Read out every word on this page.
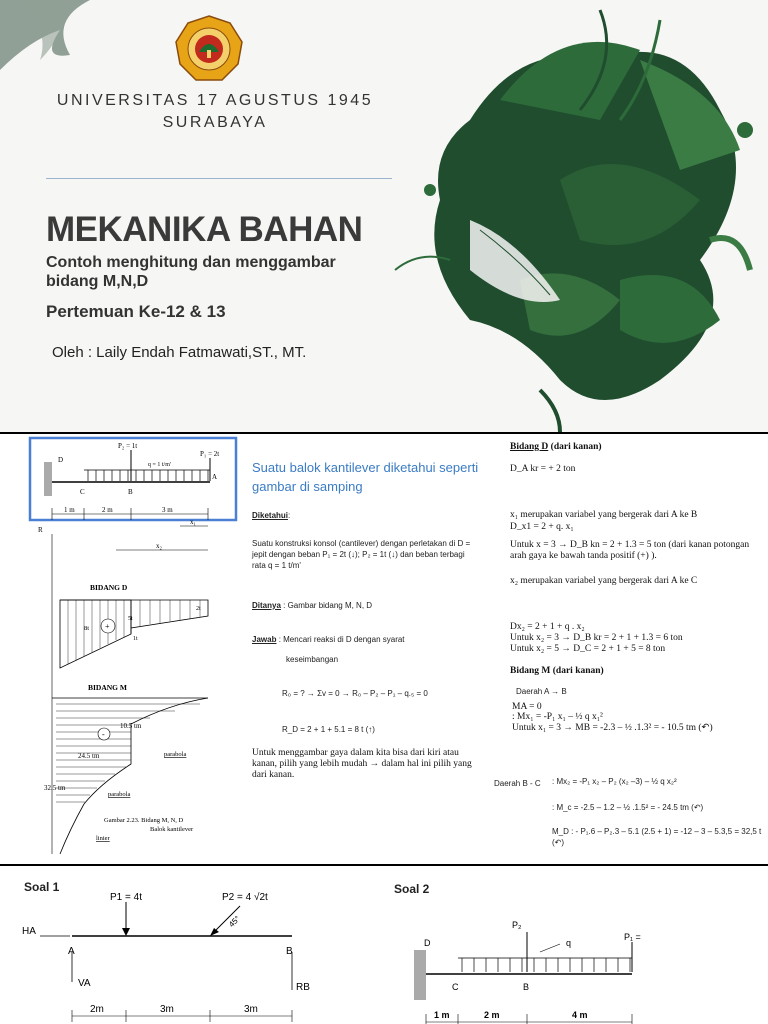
UNIVERSITAS 17 AGUSTUS 1945
SURABAYA
MEKANIKA BAHAN
Contoh menghitung dan menggambar bidang M,N,D
Pertemuan Ke-12 & 13
Oleh : Laily Endah Fatmawati,ST., MT.
P₂ = 1t
q = 1 t/m'
P₁ = 2t
D
C	B
A
1 m	2 m	3 m
x₁
x₂
R
BIDANG D
+
8t
5t
1t
2t
BIDANG M
-
10.5 tm
24.5 tm
32.5 tm
parabola
parabola
linier
Gambar 2.23. Bidang M, N, D
Balok kantilever
Suatu balok kantilever diketahui seperti gambar di samping
Diketahui:
Suatu konstruksi konsol (cantilever) dengan perletakan di D = jepit dengan beban P₁ = 2t (↓); P₂ = 1t (↓) dan beban terbagi rata q = 1 t/m'
Ditanya : Gambar bidang M, N, D
Jawab : Mencari reaksi di D dengan syarat
keseimbangan
R₀ = ? → Σv = 0 → R₀ – P₂ – P₁ – q.₅ = 0
R_D = 2 + 1 + 5.1 = 8 t (↑)
Untuk menggambar gaya dalam kita bisa dari kiri atau kanan, pilih yang lebih mudah → dalam hal ini pilih yang dari kanan.
Bidang D (dari kanan)
D_A kr = + 2 ton
x₁ merupakan variabel yang bergerak dari A ke B
D_x1 = 2 + q. x₁
Untuk x = 3 → D_B kn = 2 + 1.3 = 5 ton (dari kanan potongan arah gaya ke bawah tanda positif (+) ).
x₂ merupakan variabel yang bergerak dari A ke C
Dx₂ = 2 + 1 + q . x₂
Untuk x₂ = 3 → D_B kr = 2 + 1 + 1.3 = 6 ton
Untuk x₂ = 5 → D_C = 2 + 1 + 5 = 8 ton
Bidang M (dari kanan)
Daerah A → B
MA = 0
: Mx₁ = -P₁ x₁ – ½ q x₁²
Untuk x₁ = 3 → MB = -2.3 – ½ .1.3² = - 10.5 tm (↶)
Daerah B - C : Mx₂ = -P₁ x₂ – P₂ (x₂ –3) – ½ q x₂²
: M_c = -2.5 – 1.2 – ½ .1.5² = - 24.5 tm (↶)
M_D : - P₁.6 – P₂.3 – 5.1 (2.5 + 1) = -12 – 3 – 5.3,5 = 32,5 t (↶)
Soal 1	Soal 2
P1 = 4t	P2 = 4 √2t
45°
HA
A	B
VA	RB
2m	3m	3m
P₂
q
P₁ =
D
C	B
1 m	2 m	4 m
